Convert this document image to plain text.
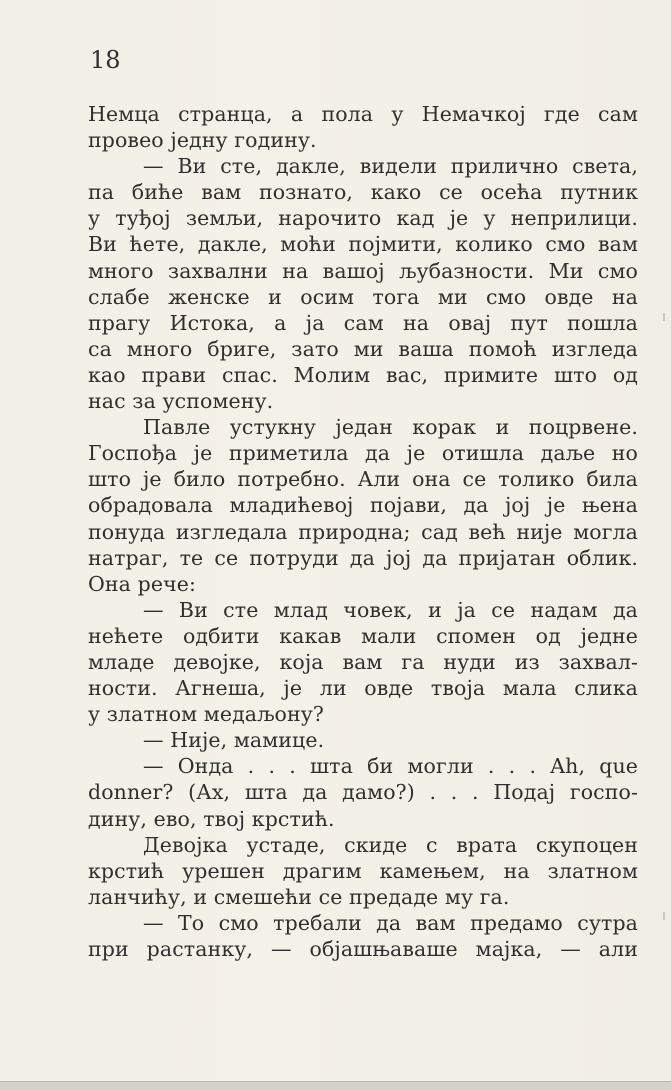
18
Немца странца, а пола у Немачкој где сам
провео једну годину.
— Ви сте, дакле, видели прилично света,
па биће вам познато, како се осећа путник
у туђој земљи, нарочито кад је у неприлици.
Ви ћете, дакле, моћи појмити, колико смо вам
много захвални на вашој љубазности. Ми смо
слабе женске и осим тога ми смо овде на
прагу Истока, а ја сам на овај пут пошла
са много бриге, зато ми ваша помоћ изгледа
као прави спас. Молим вас, примите што од
нас за успомену.
Павле устукну један корак и поцрвене.
Госпођа је приметила да је отишла даље но
што је било потребно. Али она се толико била
обрадовала младићевој појави, да јој је њена
понуда изгледала природна; сад већ није могла
натраг, те се потруди да јој да пријатан облик.
Она рече:
— Ви сте млад човек, и ја се надам да
нећете одбити какав мали спомен од једне
младе девојке, која вам га нуди из захвал-
ности. Агнеша, је ли овде твоја мала слика
у златном медаљону?
— Није, мамице.
— Онда . . . шта би могли . . . Ah, que
donner? (Ах, шта да дамо?) . . . Подај госпо-
дину, ево, твој крстић.
Девојка устаде, скиде с врата скупоцен
крстић урешен драгим камењем, на златном
ланчићу, и смешећи се предаде му га.
— То смо требали да вам предамо сутра
при растанку, — објашњаваше мајка, — али
